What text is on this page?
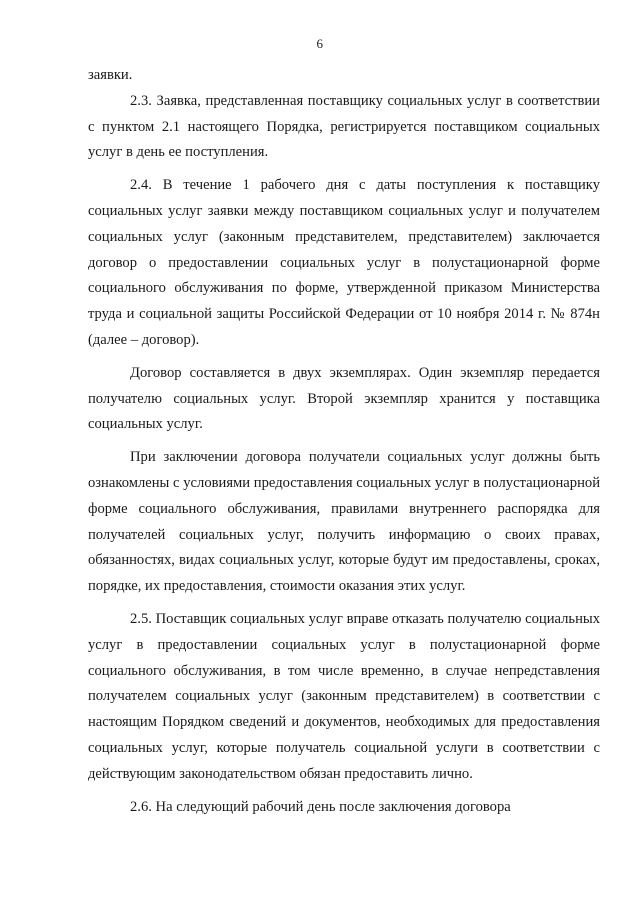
6

заявки.

2.3. Заявка, представленная поставщику социальных услуг в соответствии с пунктом 2.1 настоящего Порядка, регистрируется поставщиком социальных услуг в день ее поступления.

2.4. В течение 1 рабочего дня с даты поступления к поставщику социальных услуг заявки между поставщиком социальных услуг и получателем социальных услуг (законным представителем, представителем) заключается договор о предоставлении социальных услуг в полустационарной форме социального обслуживания по форме, утвержденной приказом Министерства труда и социальной защиты Российской Федерации от 10 ноября 2014 г. № 874н (далее – договор).

Договор составляется в двух экземплярах. Один экземпляр передается получателю социальных услуг. Второй экземпляр хранится у поставщика социальных услуг.

При заключении договора получатели социальных услуг должны быть ознакомлены с условиями предоставления социальных услуг в полустационарной форме социального обслуживания, правилами внутреннего распорядка для получателей социальных услуг, получить информацию о своих правах, обязанностях, видах социальных услуг, которые будут им предоставлены, сроках, порядке, их предоставления, стоимости оказания этих услуг.

2.5. Поставщик социальных услуг вправе отказать получателю социальных услуг в предоставлении социальных услуг в полустационарной форме социального обслуживания, в том числе временно, в случае непредставления получателем социальных услуг (законным представителем) в соответствии с настоящим Порядком сведений и документов, необходимых для предоставления социальных услуг, которые получатель социальной услуги в соответствии с действующим законодательством обязан предоставить лично.

2.6. На следующий рабочий день после заключения договора
